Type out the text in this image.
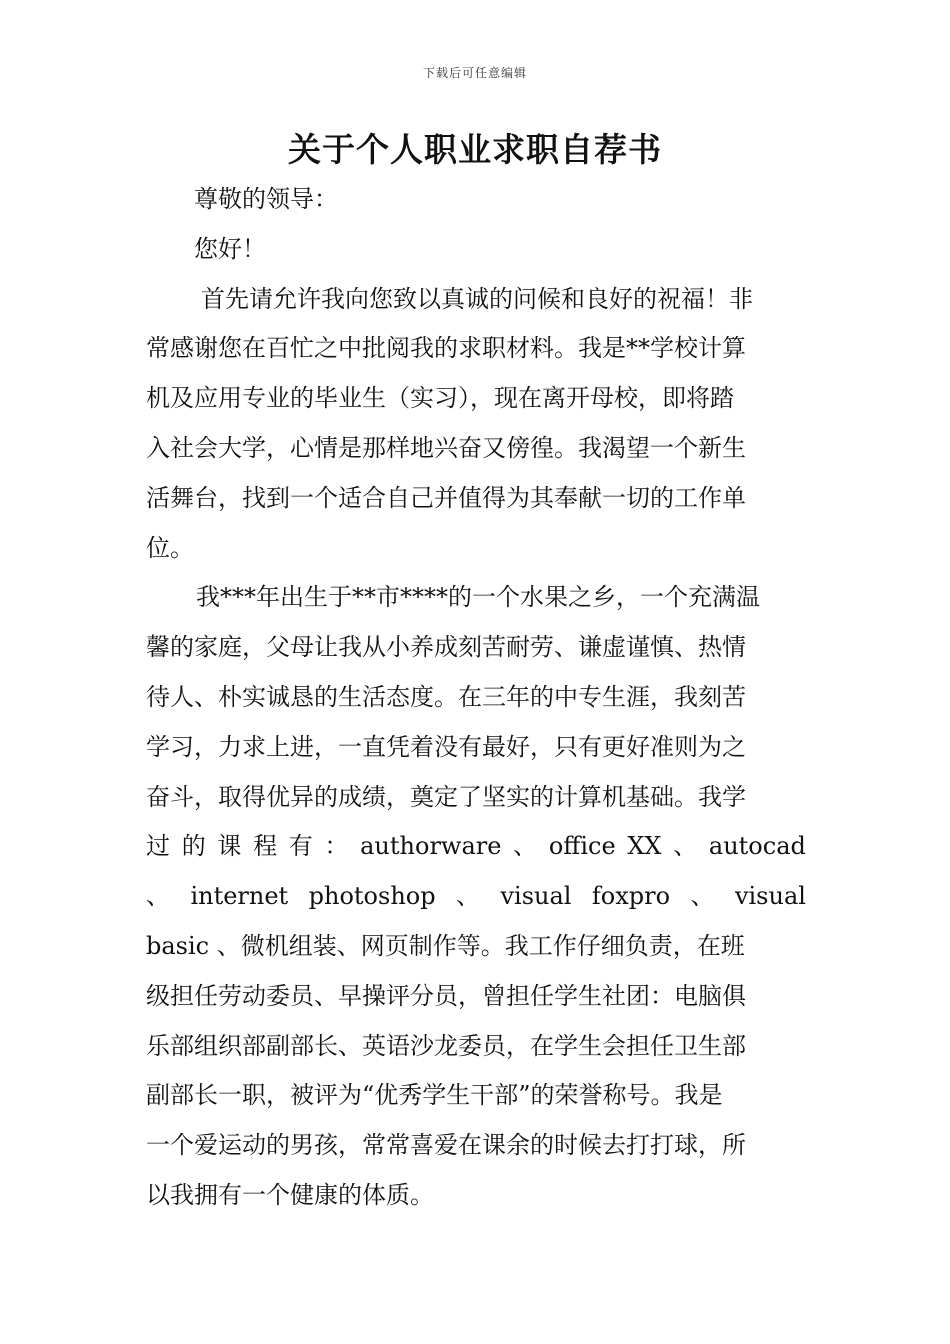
下载后可任意编辑
关于个人职业求职自荐书
尊敬的领导：
您好！
首先请允许我向您致以真诚的问候和良好的祝福！非
常感谢您在百忙之中批阅我的求职材料。我是**学校计算
机及应用专业的毕业生（实习），现在离开母校，即将踏
入社会大学，心情是那样地兴奋又傍徨。我渴望一个新生
活舞台，找到一个适合自己并值得为其奉献一切的工作单
位。
我***年出生于**市****的一个水果之乡，一个充满温
馨的家庭，父母让我从小养成刻苦耐劳、谦虚谨慎、热情
待人、朴实诚恳的生活态度。在三年的中专生涯，我刻苦
学习，力求上进，一直凭着没有最好，只有更好准则为之
奋斗，取得优异的成绩，奠定了坚实的计算机基础。我学
过 的 课 程 有 ： authorware 、 office XX 、 autocad
、 internet photoshop 、 visual foxpro 、 visual
basic 、微机组装、网页制作等。我工作仔细负责，在班
级担任劳动委员、早操评分员，曾担任学生社团：电脑俱
乐部组织部副部长、英语沙龙委员，在学生会担任卫生部
副部长一职，被评为“优秀学生干部”的荣誉称号。我是
一个爱运动的男孩，常常喜爱在课余的时候去打打球，所
以我拥有一个健康的体质。
